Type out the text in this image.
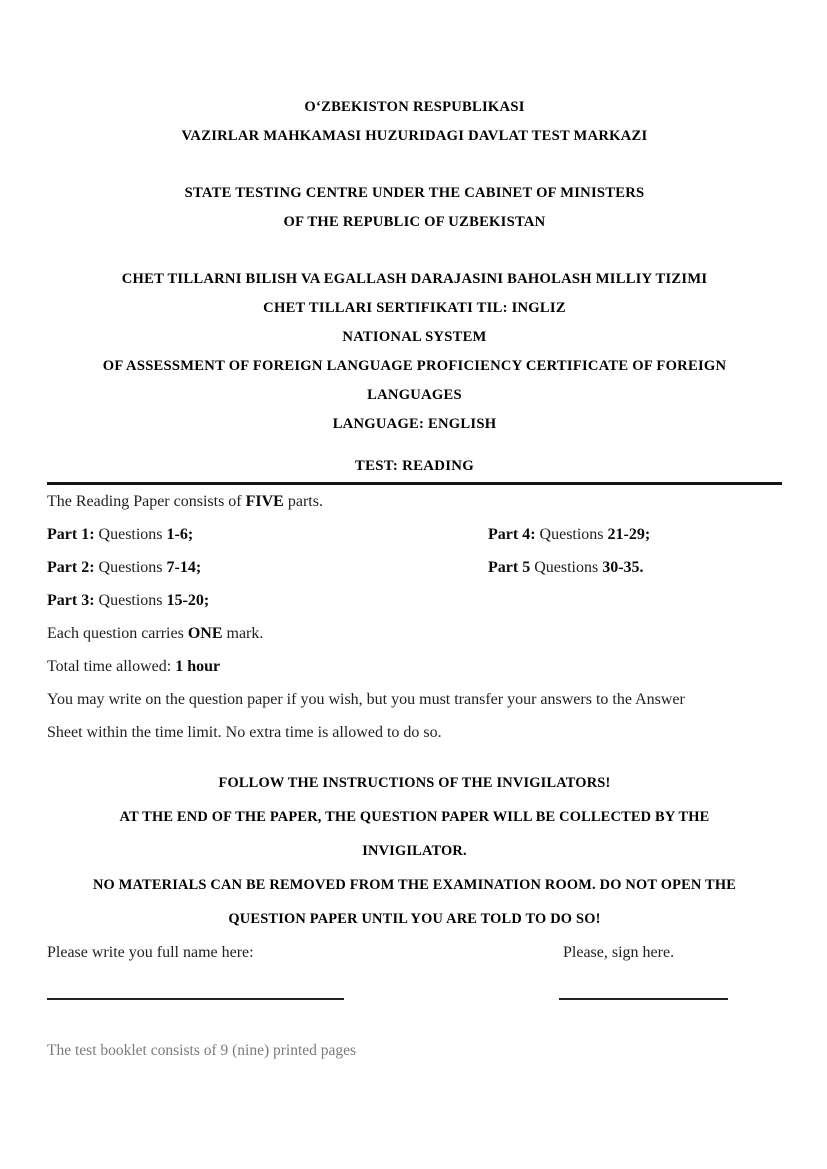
O‘ZBEKISTON RESPUBLIKASI
VAZIRLAR MAHKAMASI HUZURIDAGI DAVLAT TEST MARKAZI
STATE TESTING CENTRE UNDER THE CABINET OF MINISTERS
OF THE REPUBLIC OF UZBEKISTAN
CHET TILLARNI BILISH VA EGALLASH DARAJASINI BAHOLASH MILLIY TIZIMI
CHET TILLARI SERTIFIKATI TIL: INGLIZ
NATIONAL SYSTEM
OF ASSESSMENT OF FOREIGN LANGUAGE PROFICIENCY CERTIFICATE OF FOREIGN
LANGUAGES
LANGUAGE: ENGLISH
TEST: READING
The Reading Paper consists of FIVE parts.
Part 1: Questions 1-6;	Part 4: Questions 21-29;
Part 2: Questions 7-14;	Part 5 Questions 30-35.
Part 3: Questions 15-20;
Each question carries ONE mark.
Total time allowed: 1 hour
You may write on the question paper if you wish, but you must transfer your answers to the Answer
Sheet within the time limit. No extra time is allowed to do so.
FOLLOW THE INSTRUCTIONS OF THE INVIGILATORS!
AT THE END OF THE PAPER, THE QUESTION PAPER WILL BE COLLECTED BY THE
INVIGILATOR.
NO MATERIALS CAN BE REMOVED FROM THE EXAMINATION ROOM. DO NOT OPEN THE
QUESTION PAPER UNTIL YOU ARE TOLD TO DO SO!
Please write you full name here:	Please, sign here.
The test booklet consists of 9 (nine) printed pages
